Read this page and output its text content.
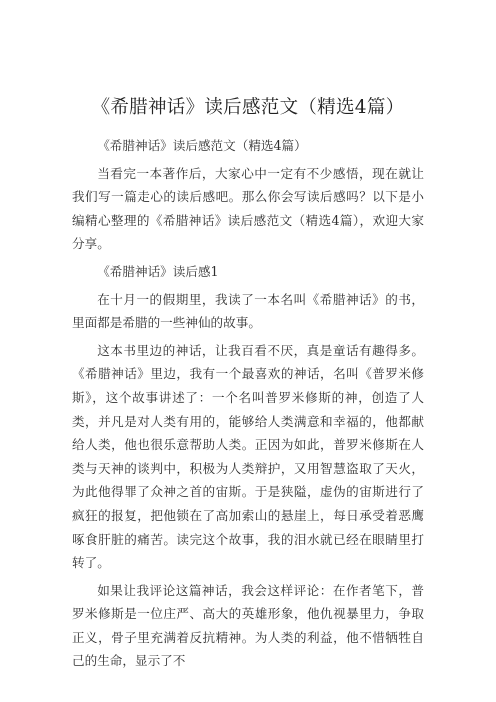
《希腊神话》读后感范文（精选4篇）

《希腊神话》读后感范文（精选4篇）

当看完一本著作后，大家心中一定有不少感悟，现在就让我们写一篇走心的读后感吧。那么你会写读后感吗？以下是小编精心整理的《希腊神话》读后感范文（精选4篇），欢迎大家分享。

《希腊神话》读后感1

在十月一的假期里，我读了一本名叫《希腊神话》的书，里面都是希腊的一些神仙的故事。

这本书里边的神话，让我百看不厌，真是童话有趣得多。《希腊神话》里边，我有一个最喜欢的神话，名叫《普罗米修斯》，这个故事讲述了：一个名叫普罗米修斯的神，创造了人类，并凡是对人类有用的，能够给人类满意和幸福的，他都献给人类，他也很乐意帮助人类。正因为如此，普罗米修斯在人类与天神的谈判中，积极为人类辩护，又用智慧盗取了天火，为此他得罪了众神之首的宙斯。于是狭隘，虚伪的宙斯进行了疯狂的报复，把他锁在了高加索山的悬崖上，每日承受着恶鹰啄食肝脏的痛苦。读完这个故事，我的泪水就已经在眼睛里打转了。

如果让我评论这篇神话，我会这样评论：在作者笔下，普罗米修斯是一位庄严、高大的英雄形象，他仇视暴里力，争取正义，骨子里充满着反抗精神。为人类的利益，他不惜牺牲自己的生命，显示了不
